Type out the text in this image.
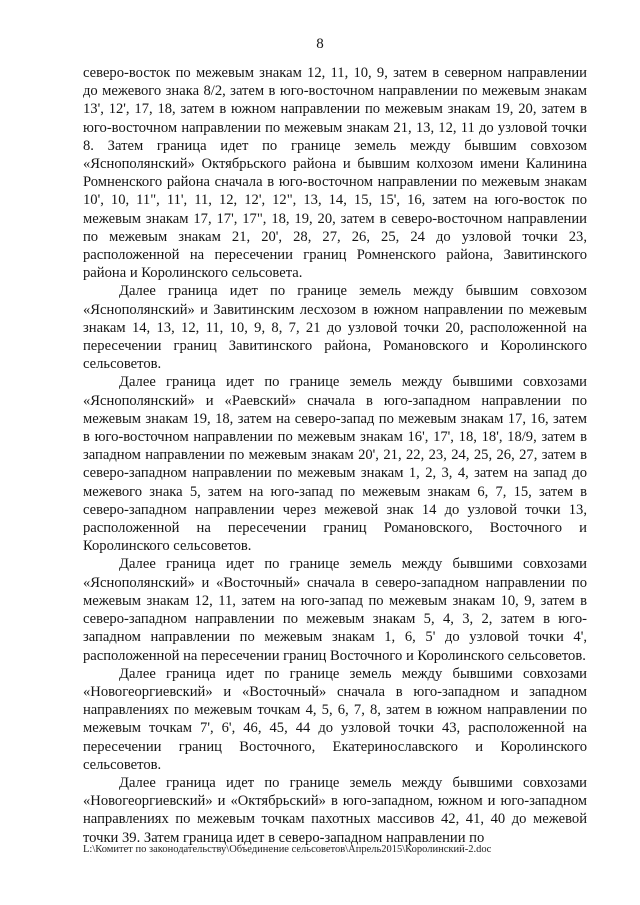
8

северо-восток по межевым знакам 12, 11, 10, 9, затем в северном направлении до межевого знака 8/2, затем в юго-восточном направлении по межевым знакам 13', 12', 17, 18, затем в южном направлении по межевым знакам 19, 20, затем в юго-восточном направлении по межевым знакам 21, 13, 12, 11 до узловой точки 8. Затем граница идет по границе земель между бывшим совхозом «Яснополянский» Октябрьского района и бывшим колхозом имени Калинина Ромненского района сначала в юго-восточном направлении по межевым знакам 10', 10, 11", 11', 11, 12, 12', 12", 13, 14, 15, 15', 16, затем на юго-восток по межевым знакам 17, 17', 17", 18, 19, 20, затем в северо-восточном направлении по межевым знакам 21, 20', 28, 27, 26, 25, 24 до узловой точки 23, расположенной на пересечении границ Ромненского района, Завитинского района и Королинского сельсовета.

Далее граница идет по границе земель между бывшим совхозом «Яснополянский» и Завитинским лесхозом в южном направлении по межевым знакам 14, 13, 12, 11, 10, 9, 8, 7, 21 до узловой точки 20, расположенной на пересечении границ Завитинского района, Романовского и Королинского сельсоветов.

Далее граница идет по границе земель между бывшими совхозами «Яснополянский» и «Раевский» сначала в юго-западном направлении по межевым знакам 19, 18, затем на северо-запад по межевым знакам 17, 16, затем в юго-восточном направлении по межевым знакам 16', 17', 18, 18', 18/9, затем в западном направлении по межевым знакам 20', 21, 22, 23, 24, 25, 26, 27, затем в северо-западном направлении по межевым знакам 1, 2, 3, 4, затем на запад до межевого знака 5, затем на юго-запад по межевым знакам 6, 7, 15, затем в северо-западном направлении через межевой знак 14 до узловой точки 13, расположенной на пересечении границ Романовского, Восточного и Королинского сельсоветов.

Далее граница идет по границе земель между бывшими совхозами «Яснополянский» и «Восточный» сначала в северо-западном направлении по межевым знакам 12, 11, затем на юго-запад по межевым знакам 10, 9, затем в северо-западном направлении по межевым знакам 5, 4, 3, 2, затем в юго-западном направлении по межевым знакам 1, 6, 5' до узловой точки 4', расположенной на пересечении границ Восточного и Королинского сельсоветов.

Далее граница идет по границе земель между бывшими совхозами «Новогеоргиевский» и «Восточный» сначала в юго-западном и западном направлениях по межевым точкам 4, 5, 6, 7, 8, затем в южном направлении по межевым точкам 7', 6', 46, 45, 44 до узловой точки 43, расположенной на пересечении границ Восточного, Екатеринославского и Королинского сельсоветов.

Далее граница идет по границе земель между бывшими совхозами «Новогеоргиевский» и «Октябрьский» в юго-западном, южном и юго-западном направлениях по межевым точкам пахотных массивов 42, 41, 40 до межевой точки 39. Затем граница идет в северо-западном направлении по

L:\Комитет по законодательству\Объединение сельсоветов\Апрель2015\Королинский-2.doc
